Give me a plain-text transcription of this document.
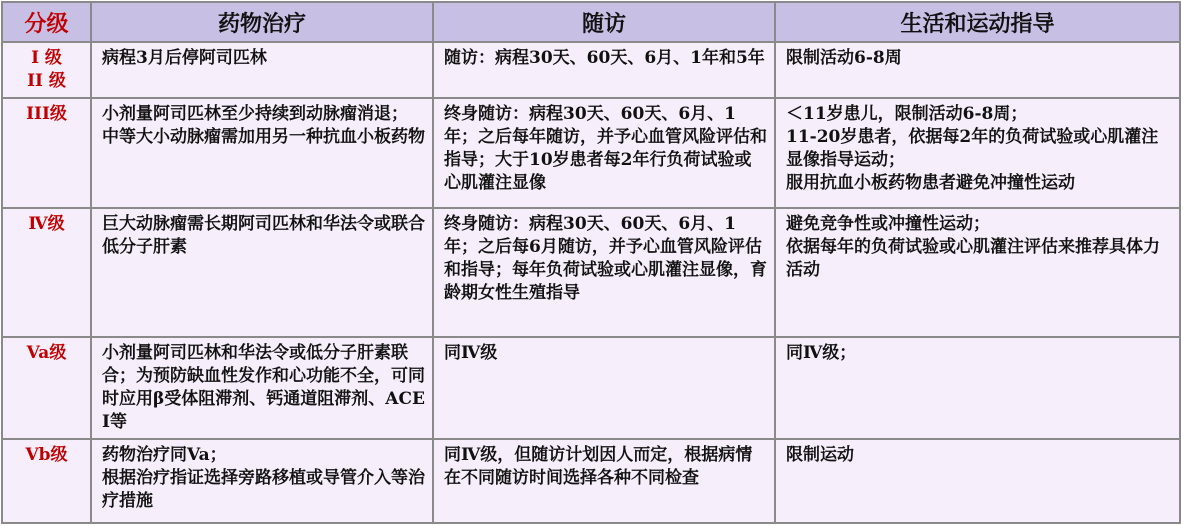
分级	药物治疗	随访	生活和运动指导

I 级
II 级	病程3月后停阿司匹林	随访：病程30天、60天、6月、1年和5年	限制活动6-8周

III级	小剂量阿司匹林至少持续到动脉瘤消退；
中等大小动脉瘤需加用另一种抗血小板药物	终身随访：病程30天、60天、6月、1年；之后每年随访，并予心血管风险评估和指导；大于10岁患者每2年行负荷试验或心肌灌注显像	＜11岁患儿，限制活动6-8周；
11-20岁患者，依据每2年的负荷试验或心肌灌注显像指导运动；
服用抗血小板药物患者避免冲撞性运动

Ⅳ级	巨大动脉瘤需长期阿司匹林和华法令或联合低分子肝素	终身随访：病程30天、60天、6月、1年；之后每6月随访，并予心血管风险评估和指导；每年负荷试验或心肌灌注显像，育龄期女性生殖指导	避免竞争性或冲撞性运动；
依据每年的负荷试验或心肌灌注评估来推荐具体力活动

Va级	小剂量阿司匹林和华法令或低分子肝素联合；为预防缺血性发作和心功能不全，可同时应用β受体阻滞剂、钙通道阻滞剂、ACEI等	同Ⅳ级	同Ⅳ级；

Vb级	药物治疗同Va；
根据治疗指证选择旁路移植或导管介入等治疗措施	同Ⅳ级，但随访计划因人而定，根据病情在不同随访时间选择各种不同检查	限制运动
